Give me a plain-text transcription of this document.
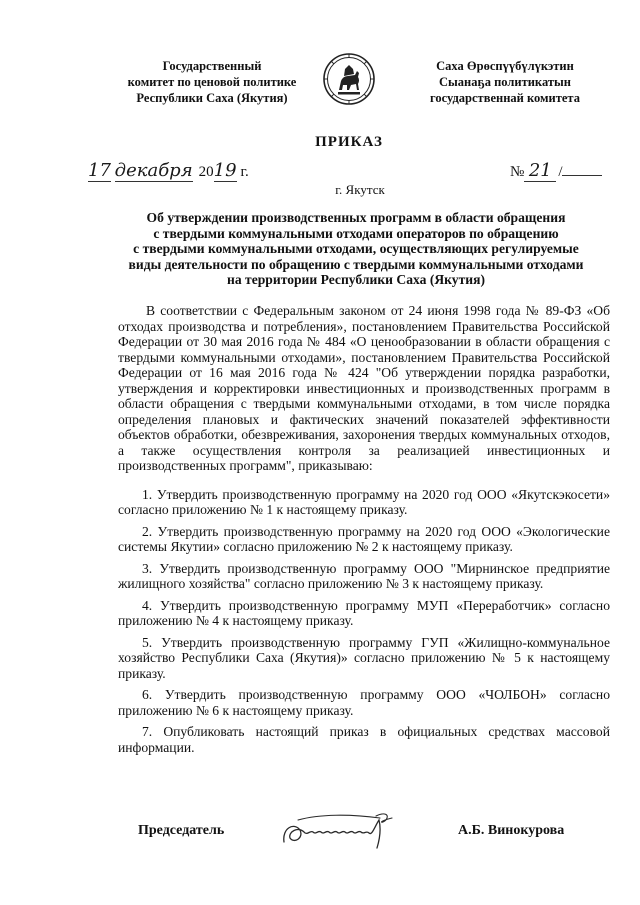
Государственный
комитет по ценовой политике
Республики Саха (Якутия)
Саха Өрөспүүбүлүкэтин
Сыанаҕа политикатын
государственнай комитета
ПРИКАЗ
17 декабря 2019 г.	№ 21 /
г. Якутск
Об утверждении производственных программ в области обращения
с твердыми коммунальными отходами операторов по обращению
с твердыми коммунальными отходами, осуществляющих регулируемые
виды деятельности по обращению с твердыми коммунальными отходами
на территории Республики Саха (Якутия)

В соответствии с Федеральным законом от 24 июня 1998 года № 89-ФЗ «Об отходах производства и потребления», постановлением Правительства Российской Федерации от 30 мая 2016 года № 484 «О ценообразовании в области обращения с твердыми коммунальными отходами», постановлением Правительства Российской Федерации от 16 мая 2016 года № 424 "Об утверждении порядка разработки, утверждения и корректировки инвестиционных и производственных программ в области обращения с твердыми коммунальными отходами, в том числе порядка определения плановых и фактических значений показателей эффективности объектов обработки, обезвреживания, захоронения твердых коммунальных отходов, а также осуществления контроля за реализацией инвестиционных и производственных программ", приказываю:

1. Утвердить производственную программу на 2020 год ООО «Якутскэкосети» согласно приложению № 1 к настоящему приказу.

2. Утвердить производственную программу на 2020 год ООО «Экологические системы Якутии» согласно приложению № 2 к настоящему приказу.

3. Утвердить производственную программу ООО "Мирнинское предприятие жилищного хозяйства" согласно приложению № 3 к настоящему приказу.

4. Утвердить производственную программу МУП «Переработчик» согласно приложению № 4 к настоящему приказу.

5. Утвердить производственную программу ГУП «Жилищно-коммунальное хозяйство Республики Саха (Якутия)» согласно приложению № 5 к настоящему приказу.

6. Утвердить производственную программу ООО «ЧОЛБОН» согласно приложению № 6 к настоящему приказу.

7. Опубликовать настоящий приказ в официальных средствах массовой информации.

Председатель	А.Б. Винокурова
